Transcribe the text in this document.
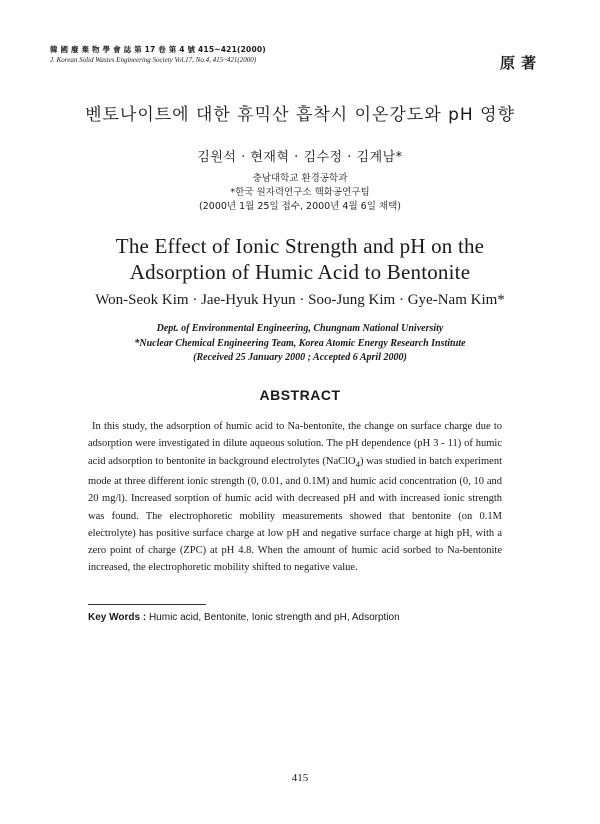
韓 國 廢 棄 物 學 會 誌 第 17 卷 第 4 號 415~421(2000)
J. Korean Solid Wastes Engineering Society Vol.17, No.4, 415~421(2000)	原著
벤토나이트에 대한 휴믹산 흡착시 이온강도와 pH 영향
김원석 · 현재혁 · 김수정 · 김계남*
충남대학교 환경공학과
*한국 원자력연구소 핵화공연구팀
(2000년 1월 25일 접수, 2000년 4월 6일 채택)
The Effect of Ionic Strength and pH on the
Adsorption of Humic Acid to Bentonite
Won-Seok Kim · Jae-Hyuk Hyun · Soo-Jung Kim · Gye-Nam Kim*
Dept. of Environmental Engineering, Chungnam National University
*Nuclear Chemical Engineering Team, Korea Atomic Energy Research Institute
(Received 25 January 2000 ; Accepted 6 April 2000)
ABSTRACT
In this study, the adsorption of humic acid to Na-bentonite, the change on surface charge due to adsorption were investigated in dilute aqueous solution. The pH dependence (pH 3 - 11) of humic acid adsorption to bentonite in background electrolytes (NaClO$_4$) was studied in batch experiment mode at three different ionic strength (0, 0.01, and 0.1M) and humic acid concentration (0, 10 and 20 mg/l). Increased sorption of humic acid with decreased pH and with increased ionic strength was found. The electrophoretic mobility measurements showed that bentonite (on 0.1M electrolyte) has positive surface charge at low pH and negative surface charge at high pH, with a zero point of charge (ZPC) at pH 4.8. When the amount of humic acid sorbed to Na-bentonite increased, the electrophoretic mobility shifted to negative value.
Key Words : Humic acid, Bentonite, Ionic strength and pH, Adsorption
415
